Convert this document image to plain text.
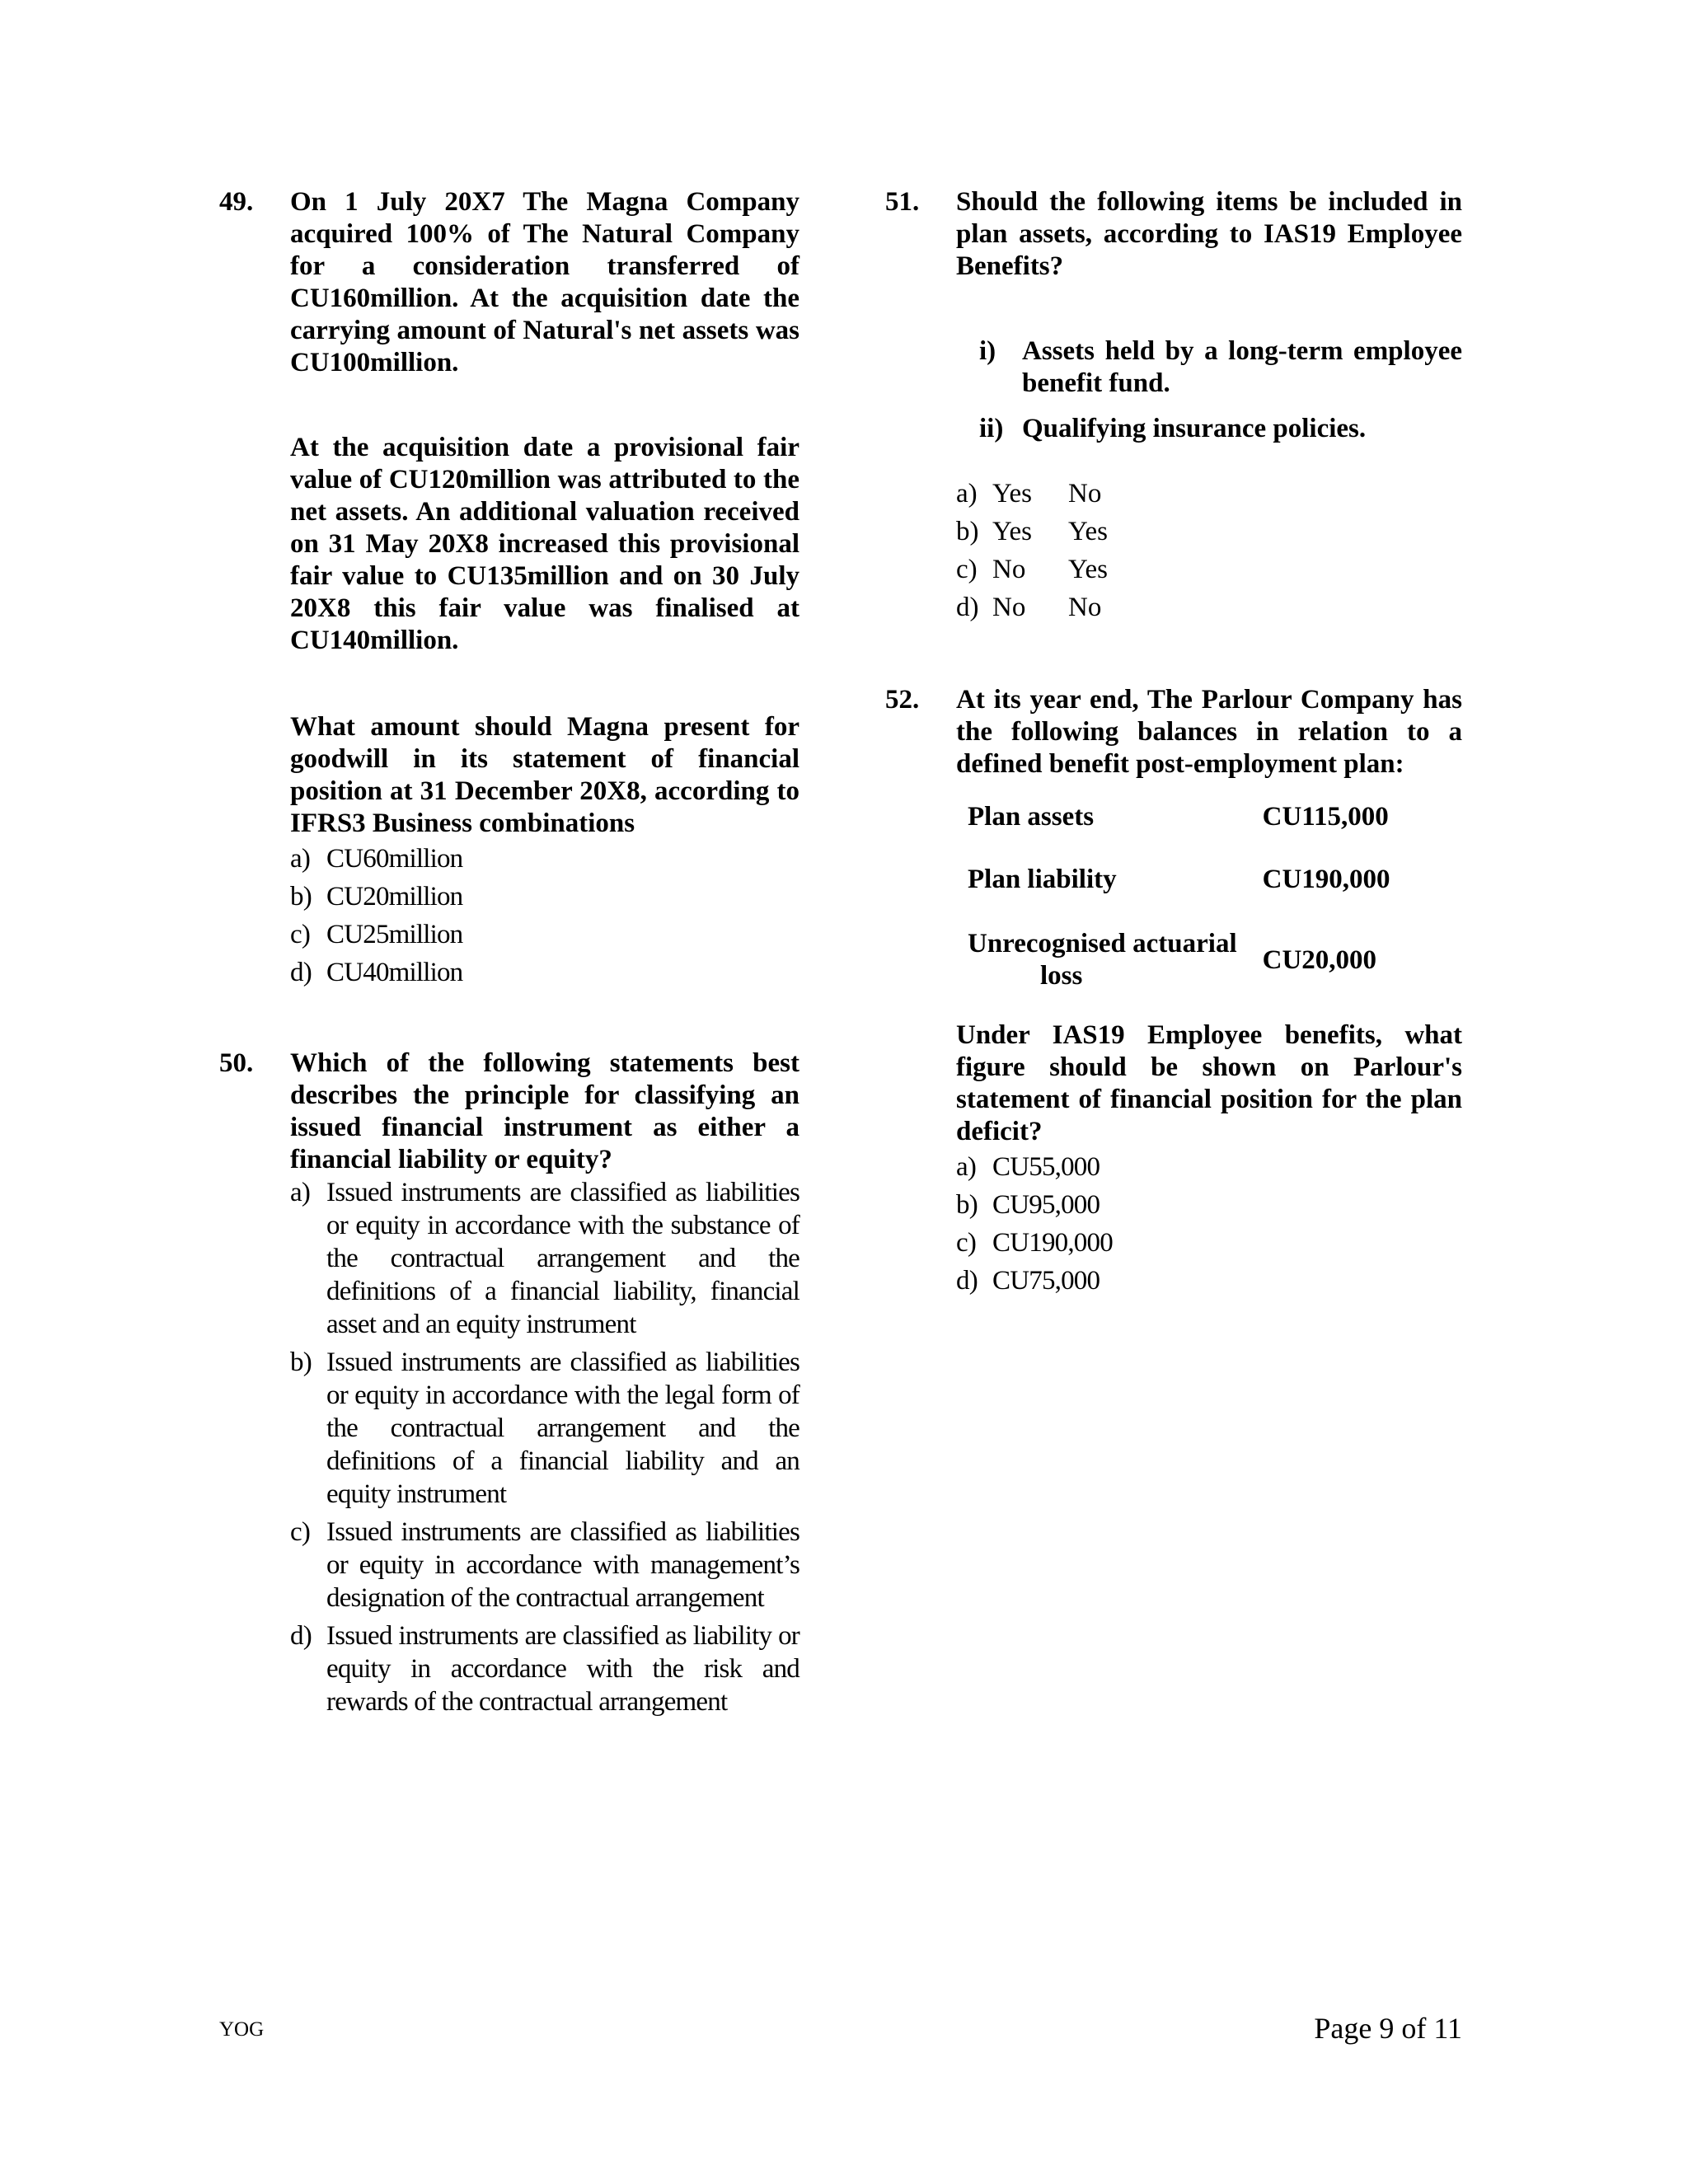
49. On 1 July 20X7 The Magna Company acquired 100% of The Natural Company for a consideration transferred of CU160million. At the acquisition date the carrying amount of Natural's net assets was CU100million.

At the acquisition date a provisional fair value of CU120million was attributed to the net assets. An additional valuation received on 31 May 20X8 increased this provisional fair value to CU135million and on 30 July 20X8 this fair value was finalised at CU140million.

What amount should Magna present for goodwill in its statement of financial position at 31 December 20X8, according to IFRS3 Business combinations

a) CU60million
b) CU20million
c) CU25million
d) CU40million
50. Which of the following statements best describes the principle for classifying an issued financial instrument as either a financial liability or equity?

a) Issued instruments are classified as liabilities or equity in accordance with the substance of the contractual arrangement and the definitions of a financial liability, financial asset and an equity instrument
b) Issued instruments are classified as liabilities or equity in accordance with the legal form of the contractual arrangement and the definitions of a financial liability and an equity instrument
c) Issued instruments are classified as liabilities or equity in accordance with management’s designation of the contractual arrangement
d) Issued instruments are classified as liability or equity in accordance with the risk and rewards of the contractual arrangement
51. Should the following items be included in plan assets, according to IAS19 Employee Benefits?

i) Assets held by a long-term employee benefit fund.
ii) Qualifying insurance policies.
a) Yes	No
b) Yes	Yes
c) No	Yes
d) No	No
52. At its year end, The Parlour Company has the following balances in relation to a defined benefit post-employment plan:

Plan assets	CU115,000
Plan liability	CU190,000

Unrecognised actuarial
loss	CU20,000

Under IAS19 Employee benefits, what figure should be shown on Parlour's statement of financial position for the plan deficit?

a) CU55,000
b) CU95,000
c) CU190,000
d) CU75,000
YOG	Page 9 of 11
